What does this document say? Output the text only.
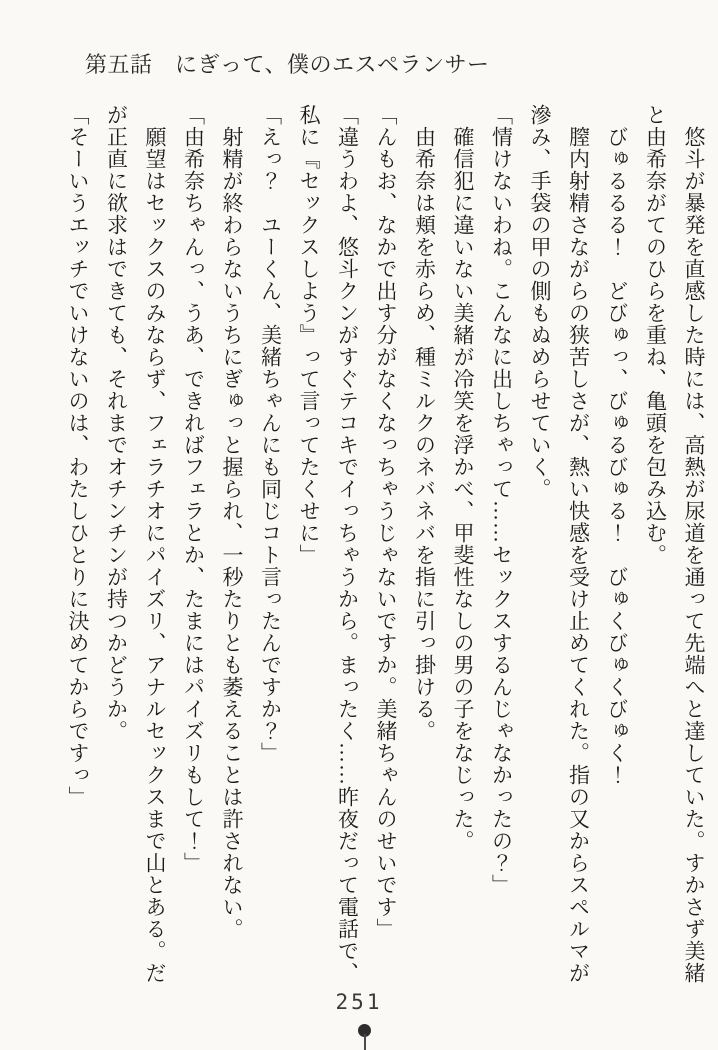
第五話　にぎって、僕のエスペランサー

悠斗が暴発を直感した時には、高熱が尿道を通って先端へと達していた。すかさず美緒と由希奈がてのひらを重ね、亀頭を包み込む。

びゅるるる！　どびゅっ、びゅるびゅる！　びゅくびゅくびゅく！

膣内射精さながらの狭苦しさが、熱い快感を受け止めてくれた。指の又からスペルマが滲み、手袋の甲の側もぬめらせていく。

「情けないわね。こんなに出しちゃって……セックスするんじゃなかったの？」

確信犯に違いない美緒が冷笑を浮かべ、甲斐性なしの男の子をなじった。

由希奈は頬を赤らめ、種ミルクのネバネバを指に引っ掛ける。

「んもお、なかで出す分がなくなっちゃうじゃないですか。美緒ちゃんのせいです」

「違うわよ、悠斗クンがすぐテコキでイっちゃうから。まったく……昨夜だって電話で、私に『セックスしよう』って言ってたくせに」

「えっ？　ユーくん、美緒ちゃんにも同じコト言ったんですか？」

射精が終わらないうちにぎゅっと握られ、一秒たりとも萎えることは許されない。

「由希奈ちゃんっ、うあ、できればフェラとか、たまにはパイズリもして！」

願望はセックスのみならず、フェラチオにパイズリ、アナルセックスまで山とある。だが正直に欲求はできても、それまでオチンチンが持つかどうか。

「そーいうエッチでいけないのは、わたしひとりに決めてからですっ」

251
